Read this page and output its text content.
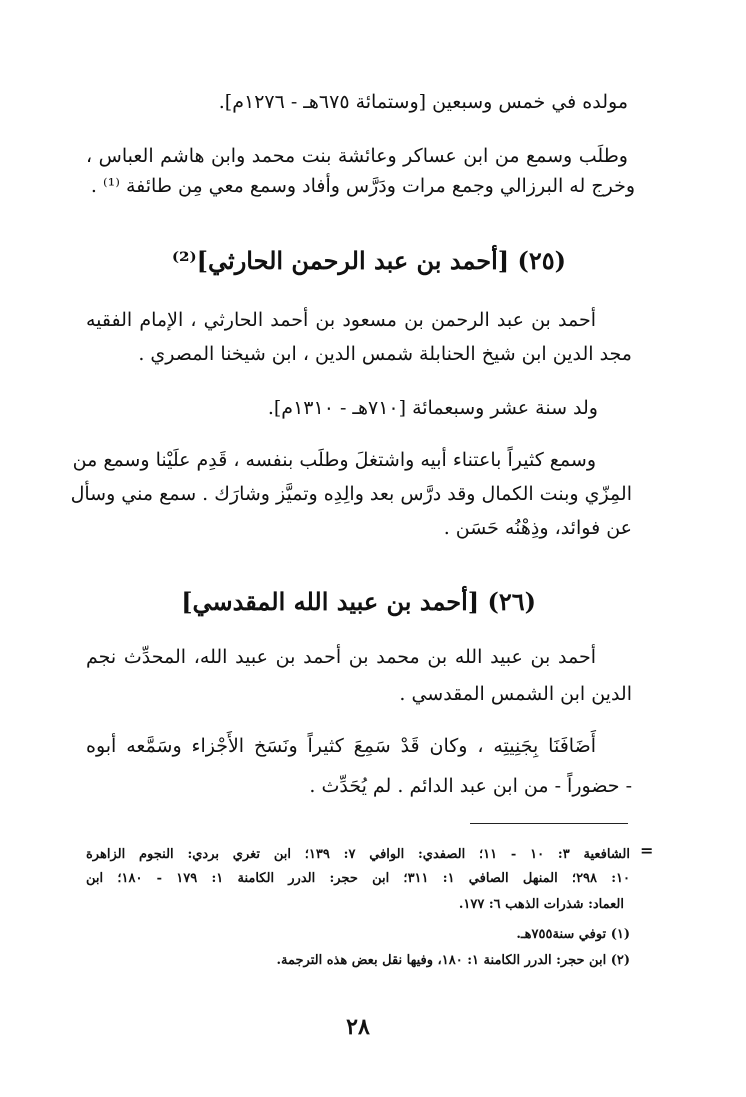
مولده في خمس وسبعين [وستمائة ٦٧٥هـ - ١٢٧٦م].
وطلَب وسمع من ابن عساكر وعائشة بنت محمد وابن هاشم العباس ،
وخرج له البرزالي وجمع مرات ودَرَّس وأفاد وسمع معي مِن طائفة ⁽¹⁾ .
(٢٥) [أحمد بن عبد الرحمن الحارثي]⁽²⁾
أحمد بن عبد الرحمن بن مسعود بن أحمد الحارثي ، الإمام الفقيه
مجد الدين ابن شيخ الحنابلة شمس الدين ، ابن شيخنا المصري .
ولد سنة عشر وسبعمائة [٧١٠هـ - ١٣١٠م].
وسمع كثيراً باعتناء أبيه واشتغلَ وطلَب بنفسه ، قَدِم علَيْنا وسمع من
المِزّي وبنت الكمال وقد درَّس بعد والِدِه وتميَّز وشارَك . سمع مني وسأل
عن فوائد، وذِهْنُه حَسَن .
(٢٦) [أحمد بن عبيد الله المقدسي]
أحمد بن عبيد الله بن محمد بن أحمد بن عبيد الله، المحدِّث نجم
الدين ابن الشمس المقدسي .
أَضَافَنَا بِجَنِيتِه ، وكان قَدْ سَمِعَ كثيراً ونَسَخ الأَجْزاء وسَمَّعه أبوه
- حضوراً - من ابن عبد الدائم . لم يُحَدِّث .
=
الشافعية ٣: ١٠ - ١١؛ الصفدي: الوافي ٧: ١٣٩؛ ابن تغري بردي: النجوم الزاهرة
١٠: ٢٩٨؛ المنهل الصافي ١: ٣١١؛ ابن حجر: الدرر الكامنة ١: ١٧٩ - ١٨٠؛ ابن
العماد: شذرات الذهب ٦: ١٧٧.
(١) توفي سنة٧٥٥هـ.
(٢) ابن حجر: الدرر الكامنة ١: ١٨٠، وفيها نقل بعض هذه الترجمة.
٢٨
